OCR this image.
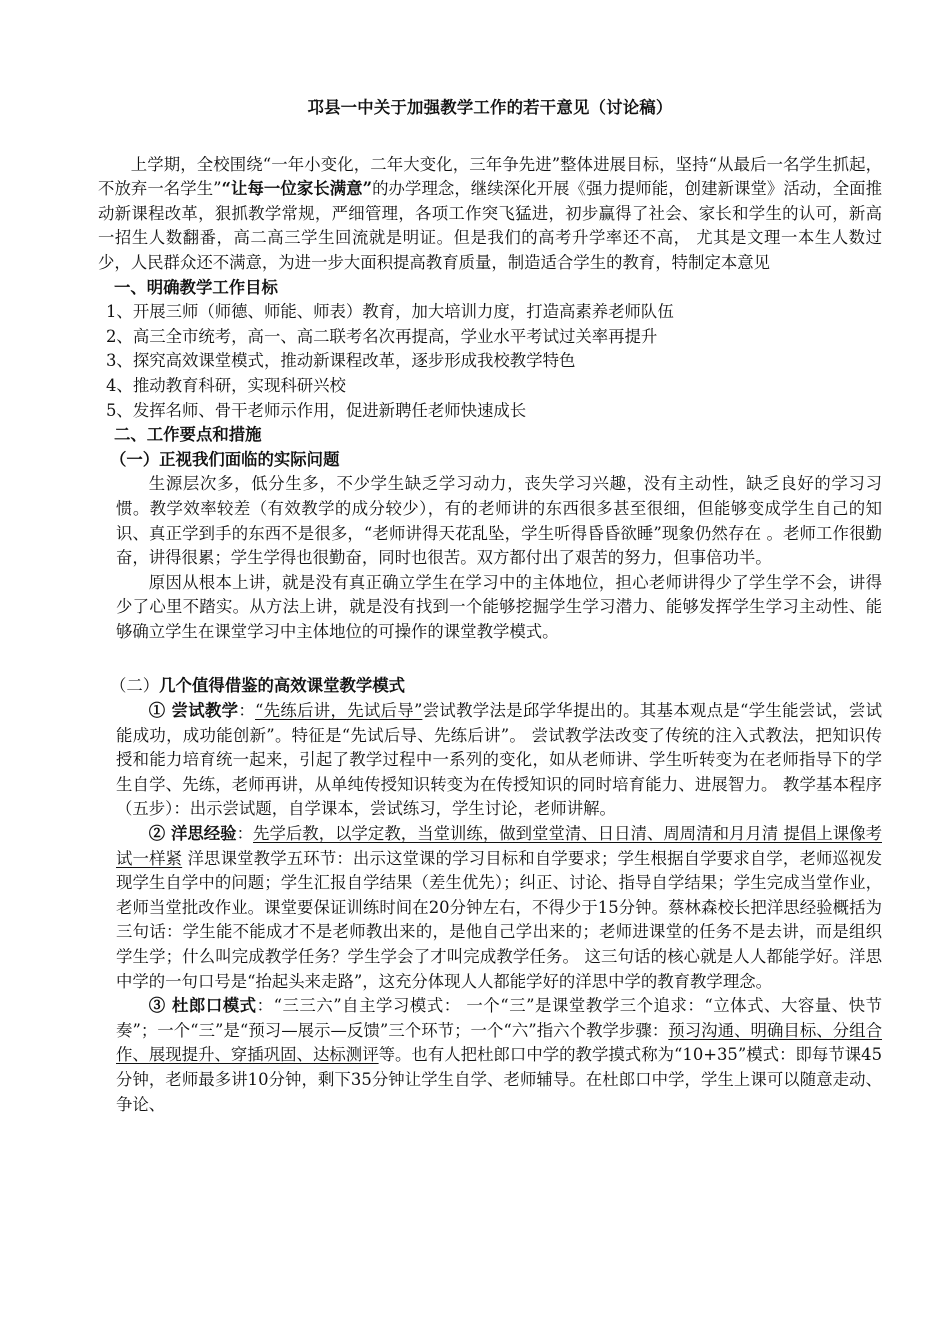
邛县一中关于加强教学工作的若干意见（讨论稿）

上学期，全校围绕“一年小变化，二年大变化，三年争先进”整体进展目标，坚持“从最后一名学生抓起，不放弃一名学生”“让每一位家长满意”的办学理念，继续深化开展《强力提师能，创建新课堂》活动，全面推动新课程改革，狠抓教学常规，严细管理，各项工作突飞猛进，初步赢得了社会、家长和学生的认可，新高一招生人数翻番，高二高三学生回流就是明证。但是我们的高考升学率还不高， 尤其是文理一本生人数过少，人民群众还不满意，为进一步大面积提高教育质量，制造适合学生的教育，特制定本意见

一、明确教学工作目标
1、开展三师（师德、师能、师表）教育，加大培训力度，打造高素养老师队伍
2、高三全市统考，高一、高二联考名次再提高，学业水平考试过关率再提升
3、探究高效课堂模式，推动新课程改革，逐步形成我校教学特色
4、推动教育科研，实现科研兴校
5、发挥名师、骨干老师示作用，促进新聘任老师快速成长
二、工作要点和措施
（一）正视我们面临的实际问题

生源层次多，低分生多，不少学生缺乏学习动力，丧失学习兴趣，没有主动性，缺乏良好的学习习惯。教学效率较差（有效教学的成分较少），有的老师讲的东西很多甚至很细，但能够变成学生自己的知识、真正学到手的东西不是很多，“老师讲得天花乱坠，学生听得昏昏欲睡”现象仍然存在 。老师工作很勤奋，讲得很累；学生学得也很勤奋，同时也很苦。双方都付出了艰苦的努力，但事倍功半。

原因从根本上讲，就是没有真正确立学生在学习中的主体地位，担心老师讲得少了学生学不会，讲得少了心里不踏实。从方法上讲，就是没有找到一个能够挖掘学生学习潜力、能够发挥学生学习主动性、能够确立学生在课堂学习中主体地位的可操作的课堂教学模式。

（二）几个值得借鉴的高效课堂教学模式

① 尝试教学：“先练后讲，先试后导”尝试教学法是邱学华提出的。其基本观点是“学生能尝试，尝试能成功，成功能创新”。特征是“先试后导、先练后讲”。 尝试教学法改变了传统的注入式教法，把知识传授和能力培育统一起来，引起了教学过程中一系列的变化，如从老师讲、学生听转变为在老师指导下的学生自学、先练，老师再讲，从单纯传授知识转变为在传授知识的同时培育能力、进展智力。 教学基本程序（五步）：出示尝试题，自学课本，尝试练习，学生讨论，老师讲解。

② 洋思经验：先学后教，以学定教，当堂训练，做到堂堂清、日日清、周周清和月月清 提倡上课像考试一样紧 洋思课堂教学五环节：出示这堂课的学习目标和自学要求；学生根据自学要求自学，老师巡视发现学生自学中的问题；学生汇报自学结果（差生优先）；纠正、讨论、指导自学结果；学生完成当堂作业，老师当堂批改作业。课堂要保证训练时间在20分钟左右，不得少于15分钟。蔡林森校长把洋思经验概括为三句话：学生能不能成才不是老师教出来的，是他自己学出来的；老师进课堂的任务不是去讲，而是组织学生学；什么叫完成教学任务？学生学会了才叫完成教学任务。 这三句话的核心就是人人都能学好。洋思中学的一句口号是“抬起头来走路”，这充分体现人人都能学好的洋思中学的教育教学理念。

③ 杜郎口模式：“三三六”自主学习模式： 一个“三”是课堂教学三个追求：“立体式、大容量、快节奏”；一个“三”是“预习—展示—反馈”三个环节；一个“六”指六个教学步骤：预习沟通、明确目标、分组合作、展现提升、穿插巩固、达标测评等。也有人把杜郎口中学的教学摸式称为“10+35”模式：即每节课45分钟，老师最多讲10分钟，剩下35分钟让学生自学、老师辅导。在杜郎口中学，学生上课可以随意走动、争论、
